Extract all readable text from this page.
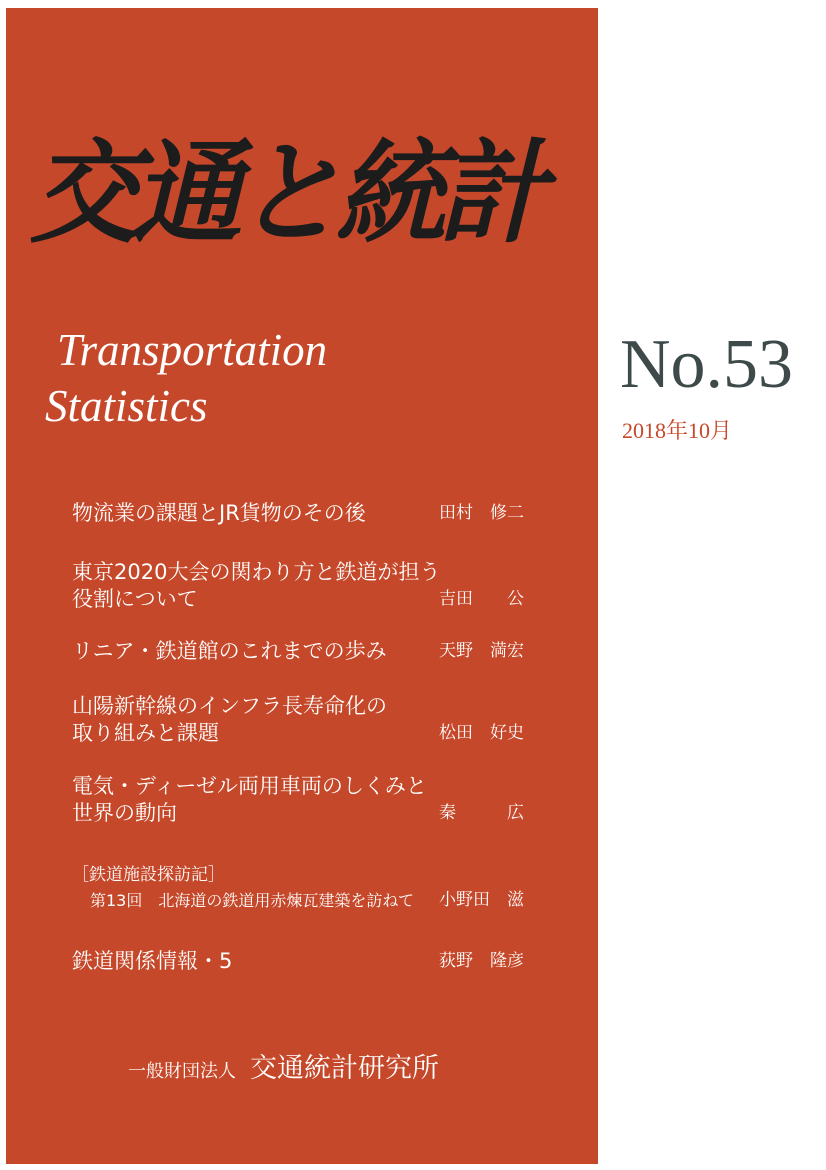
交通と統計
Transportation
Statistics
No.53
2018年10月
物流業の課題とJR貨物のその後	田村　修二
東京2020大会の関わり方と鉄道が担う
役割について	吉田　　公
リニア・鉄道館のこれまでの歩み	天野　満宏
山陽新幹線のインフラ長寿命化の
取り組みと課題	松田　好史
電気・ディーゼル両用車両のしくみと
世界の動向	秦　　　広
［鉄道施設探訪記］
第13回　北海道の鉄道用赤煉瓦建築を訪ねて	小野田　滋
鉄道関係情報・5	荻野　隆彦
一般財団法人 交通統計研究所
